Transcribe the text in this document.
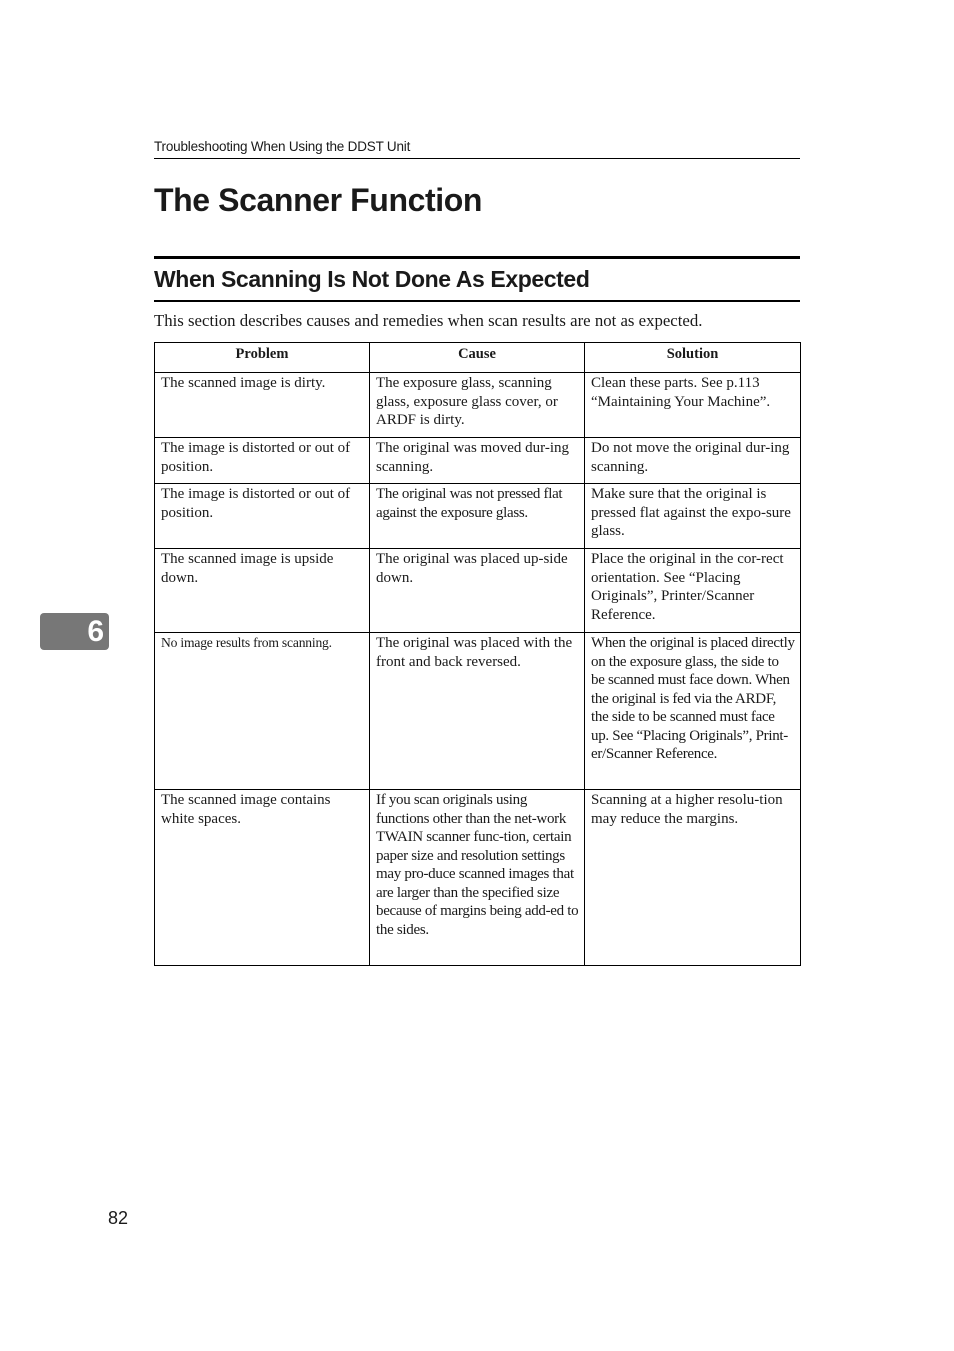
Troubleshooting When Using the DDST Unit
The Scanner Function
When Scanning Is Not Done As Expected

This section describes causes and remedies when scan results are not as expected.

Problem	Cause	Solution
The scanned image is dirty.	The exposure glass, scanning glass, exposure glass cover, or ARDF is dirty.	Clean these parts. See p.113 “Maintaining Your Machine”.
The image is distorted or out of position.	The original was moved dur-ing scanning.	Do not move the original dur-ing scanning.
The image is distorted or out of position.	The original was not pressed flat against the exposure glass.	Make sure that the original is pressed flat against the expo-sure glass.
The scanned image is upside down.	The original was placed up-side down.	Place the original in the cor-rect orientation. See “Placing Originals”, Printer/Scanner Reference.
No image results from scanning.	The original was placed with the front and back reversed.	When the original is placed directly on the exposure glass, the side to be scanned must face down. When the original is fed via the ARDF, the side to be scanned must face up. See “Placing Originals”, Print-er/Scanner Reference.
The scanned image contains white spaces.	If you scan originals using functions other than the net-work TWAIN scanner func-tion, certain paper size and resolution settings may pro-duce scanned images that are larger than the specified size because of margins being add-ed to the sides.	Scanning at a higher resolu-tion may reduce the margins.
6
82
